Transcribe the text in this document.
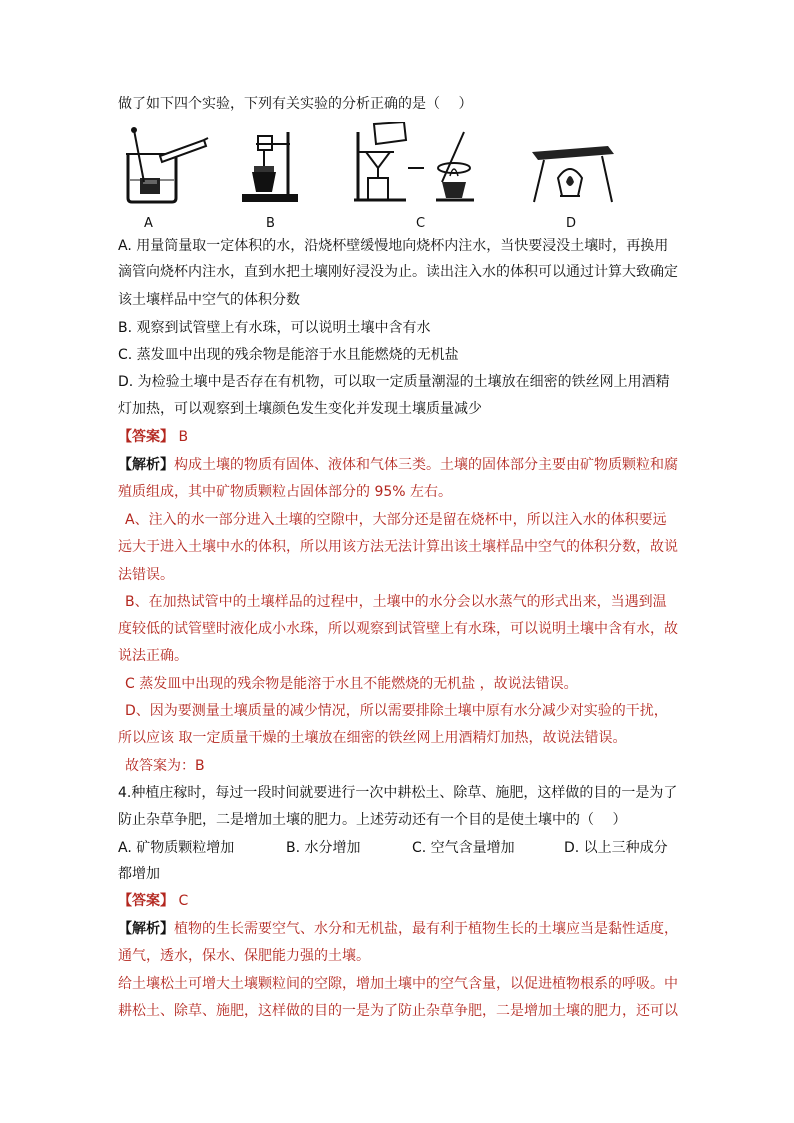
做了如下四个实验，下列有关实验的分析正确的是（　 ）
A	B	C	D
A. 用量筒量取一定体积的水，沿烧杯壁缓慢地向烧杯内注水，当快要浸没土壤时，再换用
滴管向烧杯内注水，直到水把土壤刚好浸没为止。读出注入水的体积可以通过计算大致确定
该土壤样品中空气的体积分数
B. 观察到试管壁上有水珠，可以说明土壤中含有水
C. 蒸发皿中出现的残余物是能溶于水且能燃烧的无机盐
D. 为检验土壤中是否存在有机物，可以取一定质量潮湿的土壤放在细密的铁丝网上用酒精
灯加热，可以观察到土壤颜色发生变化并发现土壤质量减少
【答案】 B
【解析】构成土壤的物质有固体、液体和气体三类。土壤的固体部分主要由矿物质颗粒和腐
殖质组成，其中矿物质颗粒占固体部分的 95% 左右。
A、注入的水一部分进入土壤的空隙中，大部分还是留在烧杯中，所以注入水的体积要远
远大于进入土壤中水的体积，所以用该方法无法计算出该土壤样品中空气的体积分数，故说
法错误。
B、在加热试管中的土壤样品的过程中，土壤中的水分会以水蒸气的形式出来，当遇到温
度较低的试管壁时液化成小水珠，所以观察到试管壁上有水珠，可以说明土壤中含有水，故
说法正确。
C 蒸发皿中出现的残余物是能溶于水且不能燃烧的无机盐 ，故说法错误。
D、因为要测量土壤质量的减少情况，所以需要排除土壤中原有水分减少对实验的干扰，
所以应该 取一定质量干燥的土壤放在细密的铁丝网上用酒精灯加热，故说法错误。
故答案为：B
4.种植庄稼时，每过一段时间就要进行一次中耕松土、除草、施肥，这样做的目的一是为了
防止杂草争肥，二是增加土壤的肥力。上述劳动还有一个目的是使土壤中的（　 ）
A. 矿物质颗粒增加	B. 水分增加	C. 空气含量增加	D. 以上三种成分
都增加
【答案】 C
【解析】植物的生长需要空气、水分和无机盐，最有利于植物生长的土壤应当是黏性适度，
通气，透水，保水、保肥能力强的土壤。
给土壤松土可增大土壤颗粒间的空隙，增加土壤中的空气含量，以促进植物根系的呼吸。中
耕松土、除草、施肥，这样做的目的一是为了防止杂草争肥，二是增加土壤的肥力，还可以
